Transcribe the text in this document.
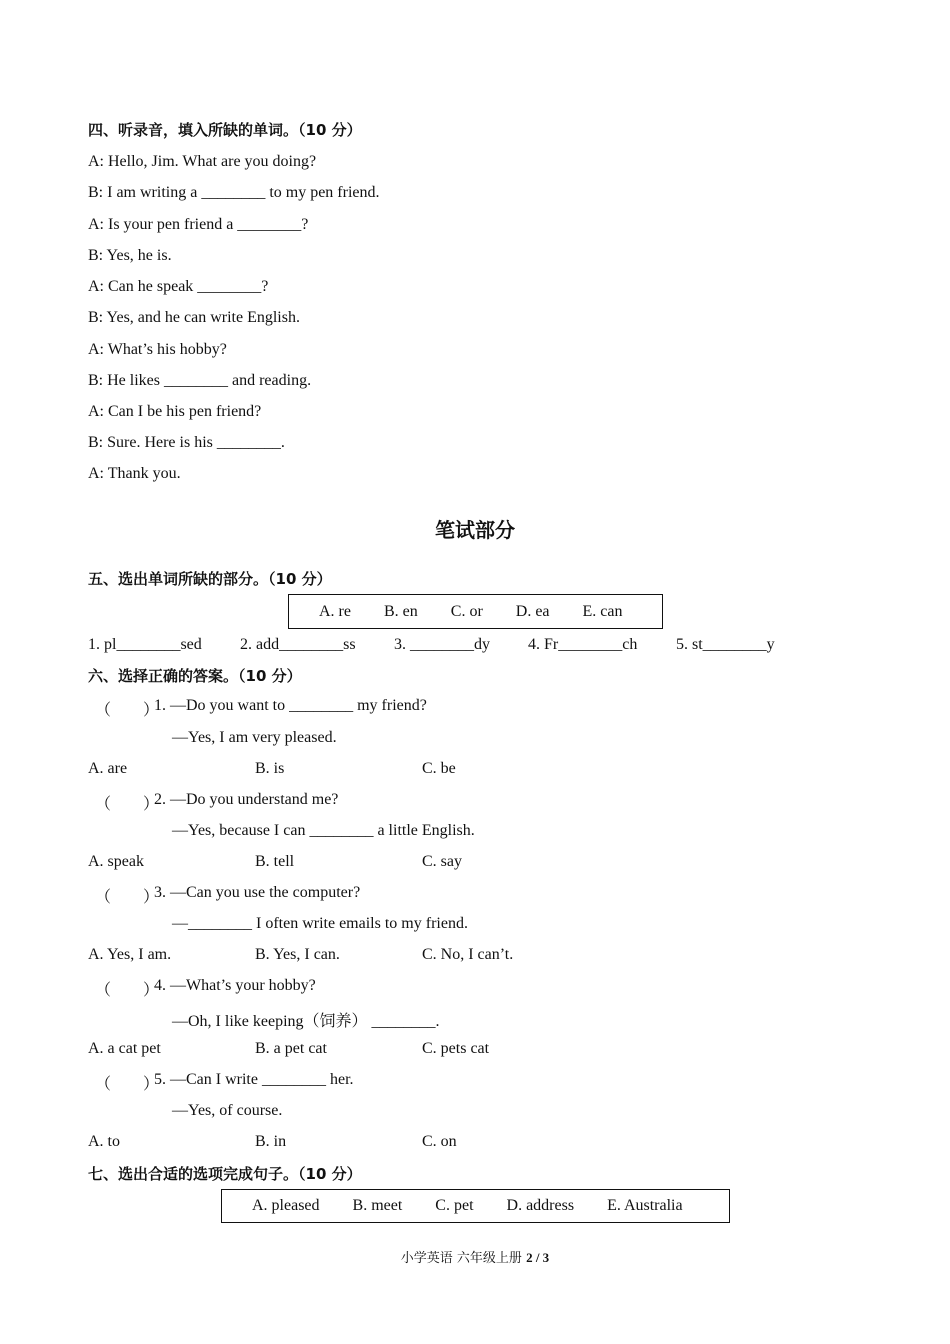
四、听录音，填入所缺的单词。（10 分）
A: Hello, Jim. What are you doing?
B: I am writing a ________ to my pen friend.
A: Is your pen friend a ________?
B: Yes, he is.
A: Can he speak ________?
B: Yes, and he can write English.
A: What’s his hobby?
B: He likes ________ and reading.
A: Can I be his pen friend?
B: Sure. Here is his ________.
A: Thank you.
笔试部分
五、选出单词所缺的部分。（10 分）
A. re B. en C. or D. ea E. can
1. pl________sed 2. add________ss 3. ________dy 4. Fr________ch 5. st________y
六、选择正确的答案。（10 分）
（        ）
1. —Do you want to ________ my friend?
—Yes, I am very pleased.
A. are	B. is	C. be
（        ）
2. —Do you understand me?
—Yes, because I can ________ a little English.
A. speak	B. tell	C. say
（        ）
3. —Can you use the computer?
—________ I often write emails to my friend.
A. Yes, I am.	B. Yes, I can.	C. No, I can’t.
（        ）
4. —What’s your hobby?
—Oh, I like keeping（饲养） ________.
A. a cat pet	B. a pet cat	C. pets cat
（        ）
5. —Can I write ________ her.
—Yes, of course.
A. to	B. in	C. on
七、选出合适的选项完成句子。（10 分）
A. pleased B. meet C. pet D. address E. Australia
小学英语 六年级上册 2 / 3
